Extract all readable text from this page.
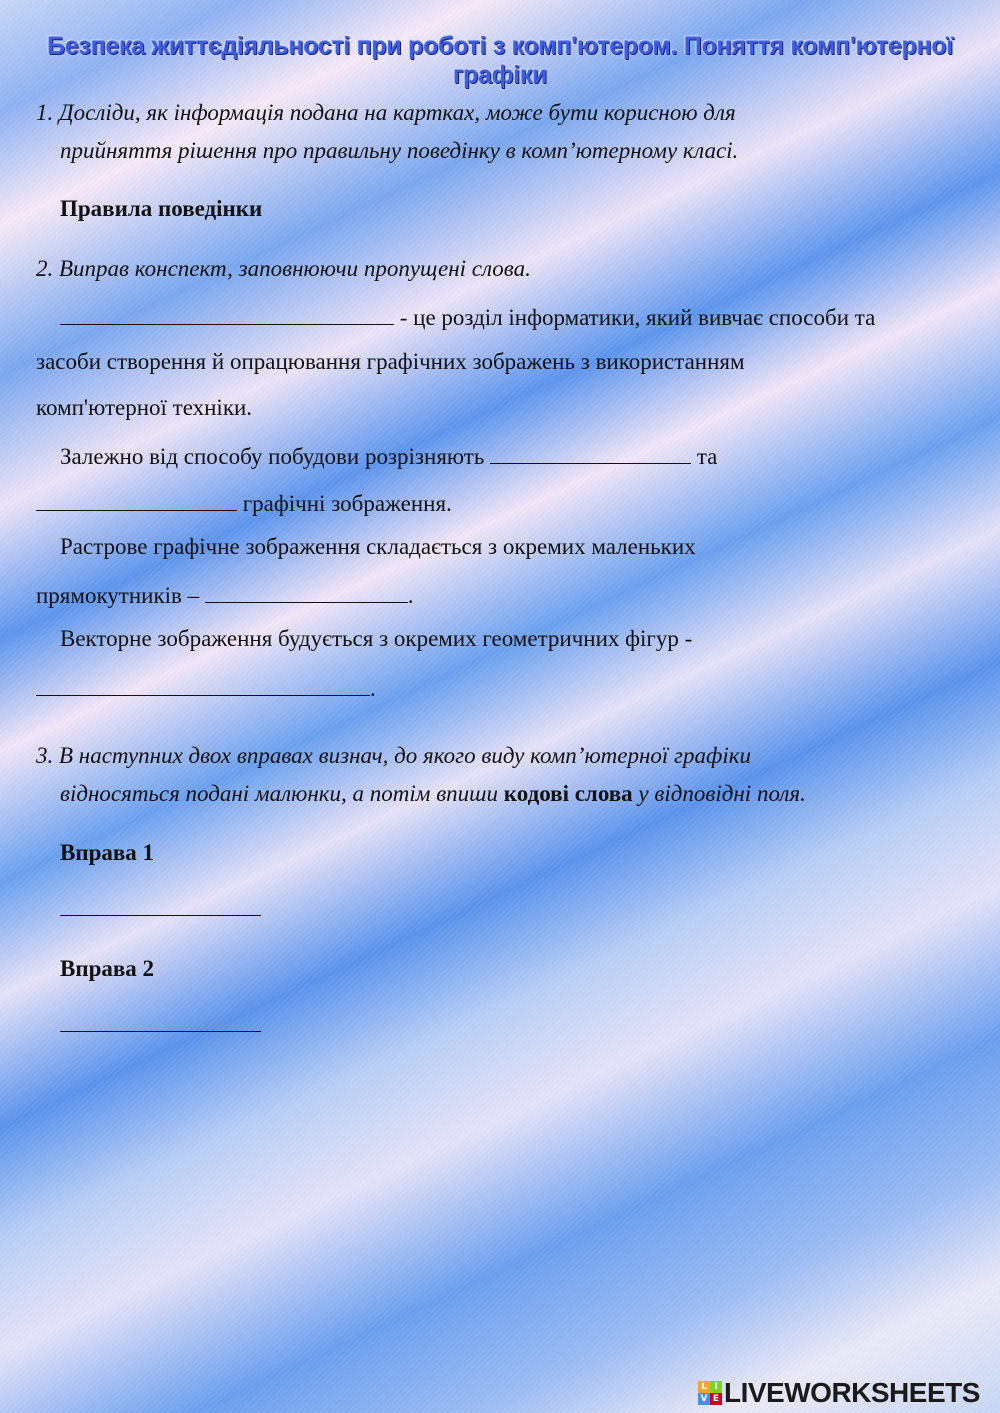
Безпека життєдіяльності при роботі з комп'ютером. Поняття комп'ютерної графіки
1. Досліди, як інформація подана на картках, може бути корисною для
прийняття рішення про правильну поведінку в комп’ютерному класі.
Правила поведінки
2. Виправ конспект, заповнюючи пропущені слова.
- це розділ інформатики, який вивчає способи та
засоби створення й опрацювання графічних зображень з використанням
комп'ютерної техніки.
Залежно від способу побудови розрізняють	та
графічні зображення.
Растрове графічне зображення складається з окремих маленьких
прямокутників –	.
Векторне зображення будується з окремих геометричних фігур -
.
3. В наступних двох вправах визнач, до якого виду комп’ютерної графіки
відносяться подані малюнки, а потім впиши кодові слова у відповідні поля.
Вправа 1
Вправа 2
L I
V E LIVEWORKSHEETS
